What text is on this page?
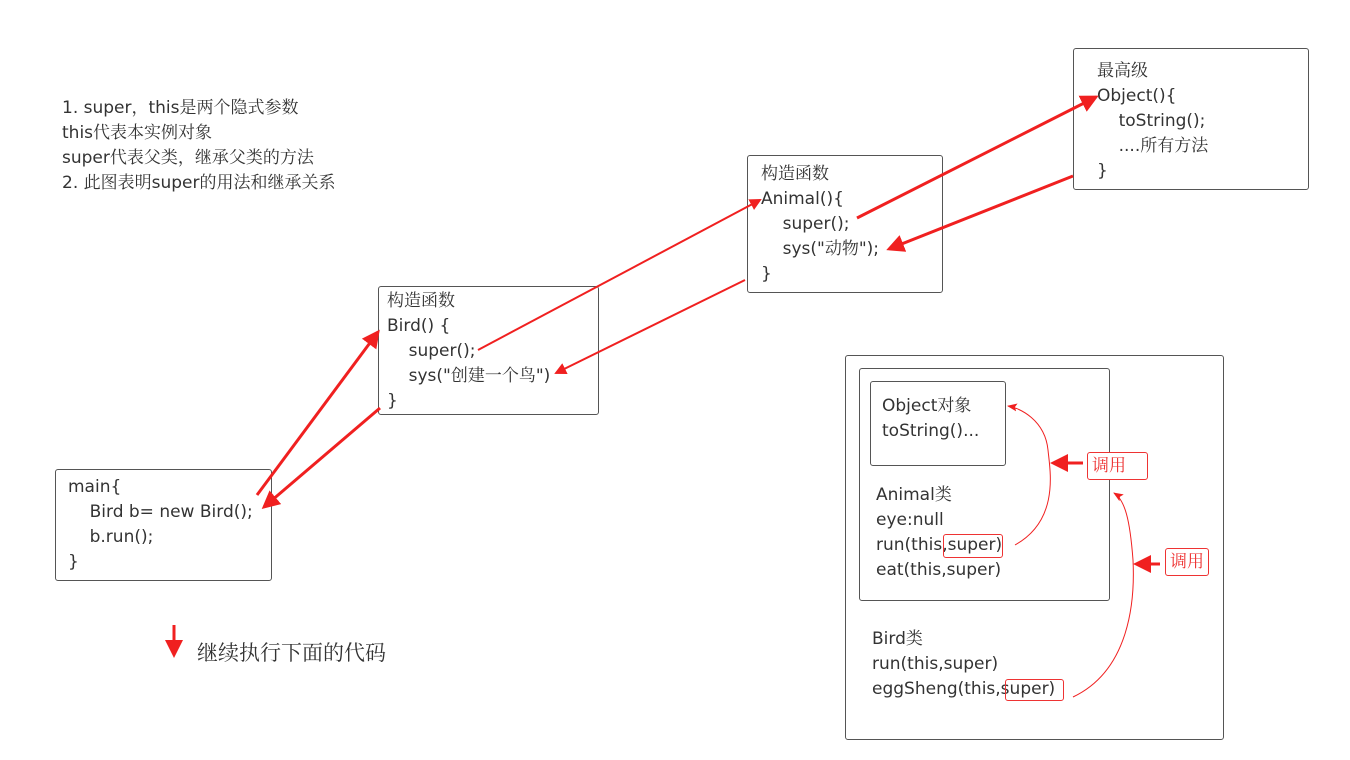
1. super，this是两个隐式参数
this代表本实例对象
super代表父类，继承父类的方法
2. 此图表明super的用法和继承关系
main{
Bird b= new Bird();
b.run();
}
构造函数
Bird() {
super();
sys("创建一个鸟")
}
构造函数
Animal(){
super();
sys("动物");
}
最高级
Object(){
toString();
....所有方法
}
Object对象
toString()...
Animal类
eye:null
run(this,super)
eat(this,super)
Bird类
run(this,super)
eggSheng(this,super)
调用
调用
继续执行下面的代码
